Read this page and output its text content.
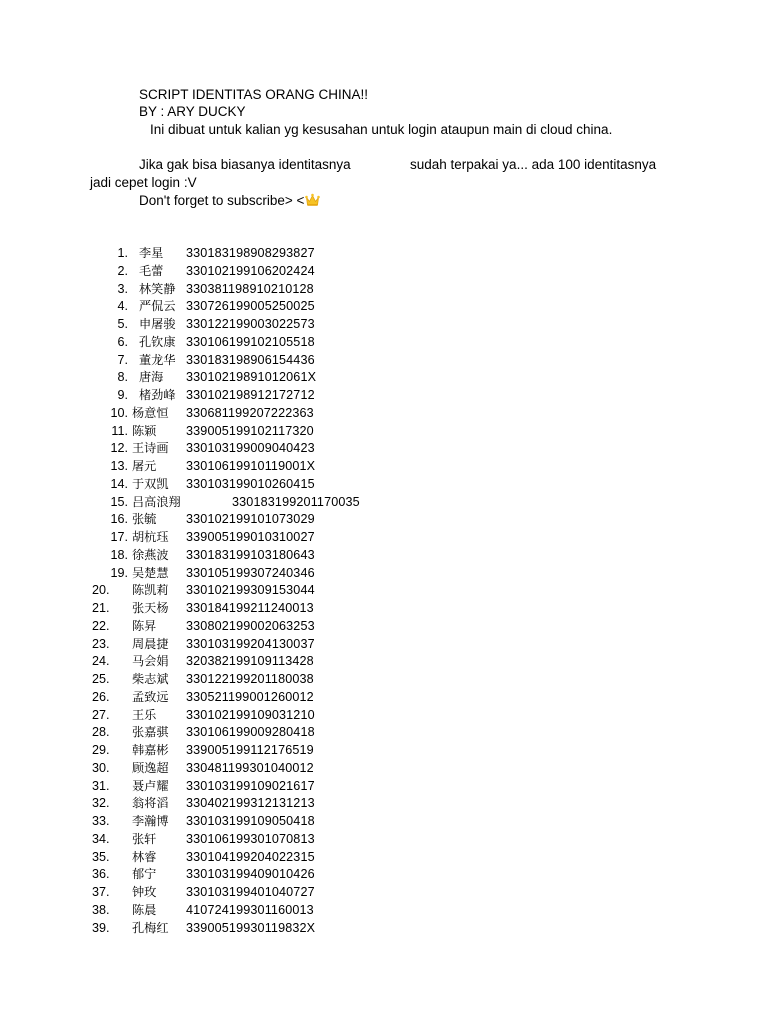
SCRIPT IDENTITAS ORANG CHINA!!
BY : ARY DUCKY
Ini dibuat untuk kalian yg kesusahan untuk login ataupun main di cloud china.
Jika gak bisa biasanya identitasnya	sudah terpakai ya... ada 100 identitasnya
jadi cepet login :V
Don't forget to subscribe> <
1. 李星 330183198908293827
2. 毛蕾 330102199106202424
3. 林笑静 330381198910210128
4. 严侃云 330726199005250025
5. 申屠骏 330122199003022573
6. 孔钦康 330106199102105518
7. 董龙华 330183198906154436
8. 唐海 33010219891012061X
9. 楮劲峰 330102198912172712
10. 杨意恒 330681199207222363
11. 陈颖 339005199102117320
12. 王诗画 330103199009040423
13. 屠元 33010619910119001X
14. 于双凯 330103199010260415
15. 吕高浪翔	330183199201170035
16. 张毓 330102199101073029
17. 胡杭珏 339005199010310027
18. 徐燕波 330183199103180643
19. 吴楚慧 330105199307240346
20. 陈凯莉 330102199309153044
21. 张天杨 330184199211240013
22. 陈昇 330802199002063253
23. 周晨捷 330103199204130037
24. 马会娟 320382199109113428
25. 柴志斌 330122199201180038
26. 孟致远 330521199001260012
27. 王乐 330102199109031210
28. 张嘉骐 330106199009280418
29. 韩嘉彬 339005199112176519
30. 顾逸超 330481199301040012
31. 聂卢耀 330103199109021617
32. 翁将滔 330402199312131213
33. 李瀚博 330103199109050418
34. 张轩 330106199301070813
35. 林睿 330104199204022315
36. 郁宁 330103199409010426
37. 钟玫 330103199401040727
38. 陈晨 410724199301160013
39. 孔梅红 33900519930119832X
